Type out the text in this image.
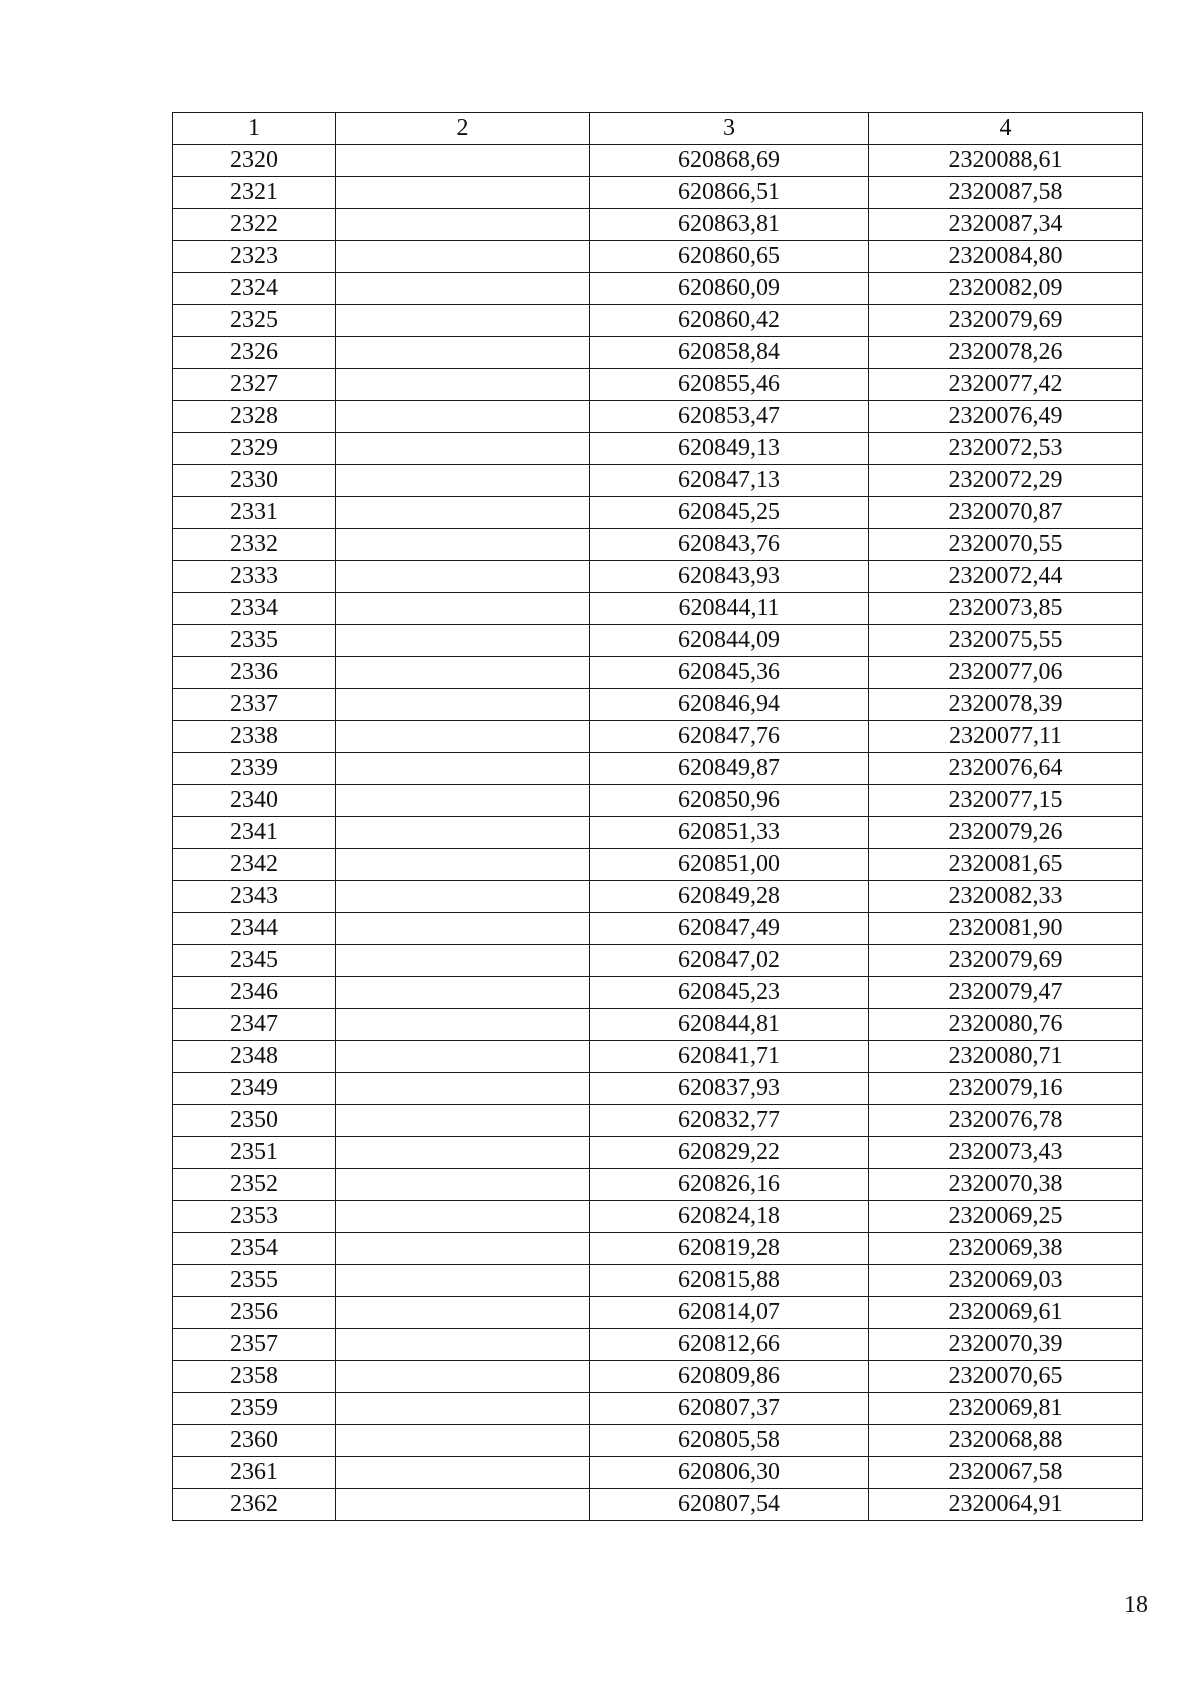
1	2	3	4
2320		620868,69	2320088,61
2321		620866,51	2320087,58
2322		620863,81	2320087,34
2323		620860,65	2320084,80
2324		620860,09	2320082,09
2325		620860,42	2320079,69
2326		620858,84	2320078,26
2327		620855,46	2320077,42
2328		620853,47	2320076,49
2329		620849,13	2320072,53
2330		620847,13	2320072,29
2331		620845,25	2320070,87
2332		620843,76	2320070,55
2333		620843,93	2320072,44
2334		620844,11	2320073,85
2335		620844,09	2320075,55
2336		620845,36	2320077,06
2337		620846,94	2320078,39
2338		620847,76	2320077,11
2339		620849,87	2320076,64
2340		620850,96	2320077,15
2341		620851,33	2320079,26
2342		620851,00	2320081,65
2343		620849,28	2320082,33
2344		620847,49	2320081,90
2345		620847,02	2320079,69
2346		620845,23	2320079,47
2347		620844,81	2320080,76
2348		620841,71	2320080,71
2349		620837,93	2320079,16
2350		620832,77	2320076,78
2351		620829,22	2320073,43
2352		620826,16	2320070,38
2353		620824,18	2320069,25
2354		620819,28	2320069,38
2355		620815,88	2320069,03
2356		620814,07	2320069,61
2357		620812,66	2320070,39
2358		620809,86	2320070,65
2359		620807,37	2320069,81
2360		620805,58	2320068,88
2361		620806,30	2320067,58
2362		620807,54	2320064,91
18
